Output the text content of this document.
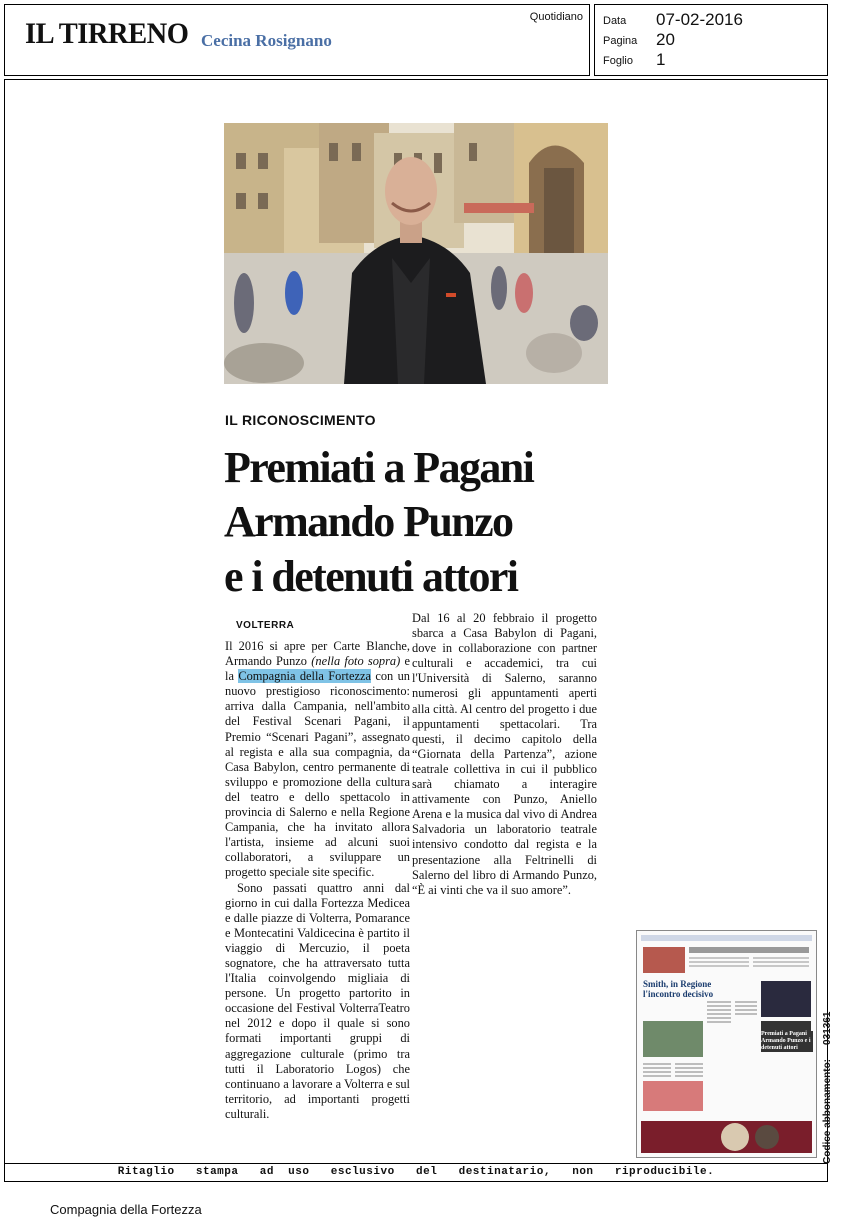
IL TIRRENO Cecina Rosignano
Quotidiano Data 07-02-2016
Pagina 20
Foglio 1
IL RICONOSCIMENTO
Premiati a Pagani
Armando Punzo
e i detenuti attori
VOLTERRA

Il 2016 si apre per Carte Blanche, Armando Punzo (nella foto sopra) e la Compagnia della Fortezza con un nuovo prestigioso riconoscimento: arriva dalla Campania, nell'ambito del Festival Scenari Pagani, il Premio “Scenari Pagani”, assegnato al regista e alla sua compagnia, da Casa Babylon, centro permanente di sviluppo e promozione della cultura del teatro e dello spettacolo in provincia di Salerno e nella Regione Campania, che ha invitato allora l'artista, insieme ad alcuni suoi collaboratori, a sviluppare un progetto speciale site specific.

Sono passati quattro anni dal giorno in cui dalla Fortezza Medicea e dalle piazze di Volterra, Pomarance e Montecatini Valdicecina è partito il viaggio di Mercuzio, il poeta sognatore, che ha attraversato tutta l'Italia coinvolgendo migliaia di persone. Un progetto partorito in occasione del Festival VolterraTeatro nel 2012 e dopo il quale si sono formati importanti gruppi di aggregazione culturale (primo tra tutti il Laboratorio Logos) che continuano a lavorare a Volterra e sul territorio, ad importanti progetti culturali.

Dal 16 al 20 febbraio il progetto sbarca a Casa Babylon di Pagani, dove in collaborazione con partner culturali e accademici, tra cui l'Università di Salerno, saranno numerosi gli appuntamenti aperti alla città. Al centro del progetto i due appuntamenti spettacolari. Tra questi, il decimo capitolo della “Giornata della Partenza”, azione teatrale collettiva in cui il pubblico sarà chiamato a interagire attivamente con Punzo, Aniello Arena e la musica dal vivo di Andrea Salvadoria un laboratorio teatrale intensivo condotto dal regista e la presentazione alla Feltrinelli di Salerno del libro di Armando Punzo, “È ai vinti che va il suo amore”.

Smith, in Regione l'incontro decisivo
Premiati a Pagani Armando Punzo e i detenuti attori
Codice abbonamento:031361
Ritaglio   stampa   ad  uso   esclusivo   del   destinatario,   non   riproducibile.
Compagnia della Fortezza
